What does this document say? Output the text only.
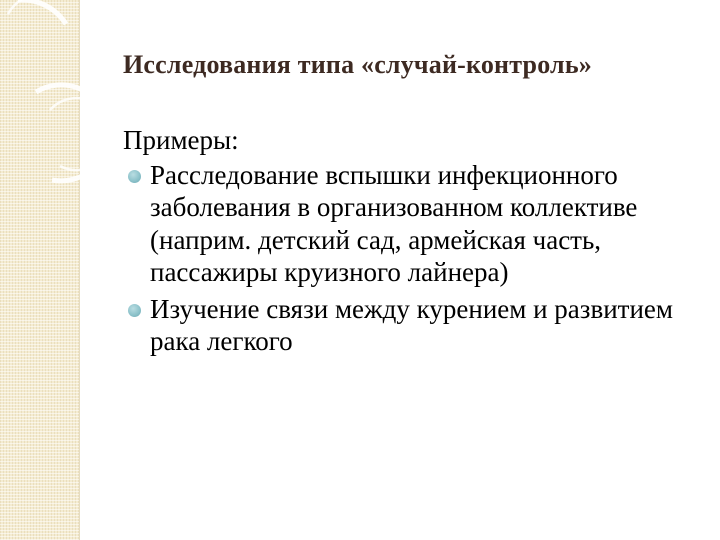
Исследования типа «случай-контроль»

Примеры:

Расследование вспышки инфекционного заболевания в организованном коллективе (наприм. детский сад, армейская часть, пассажиры круизного лайнера)
Изучение связи между курением и развитием рака легкого
